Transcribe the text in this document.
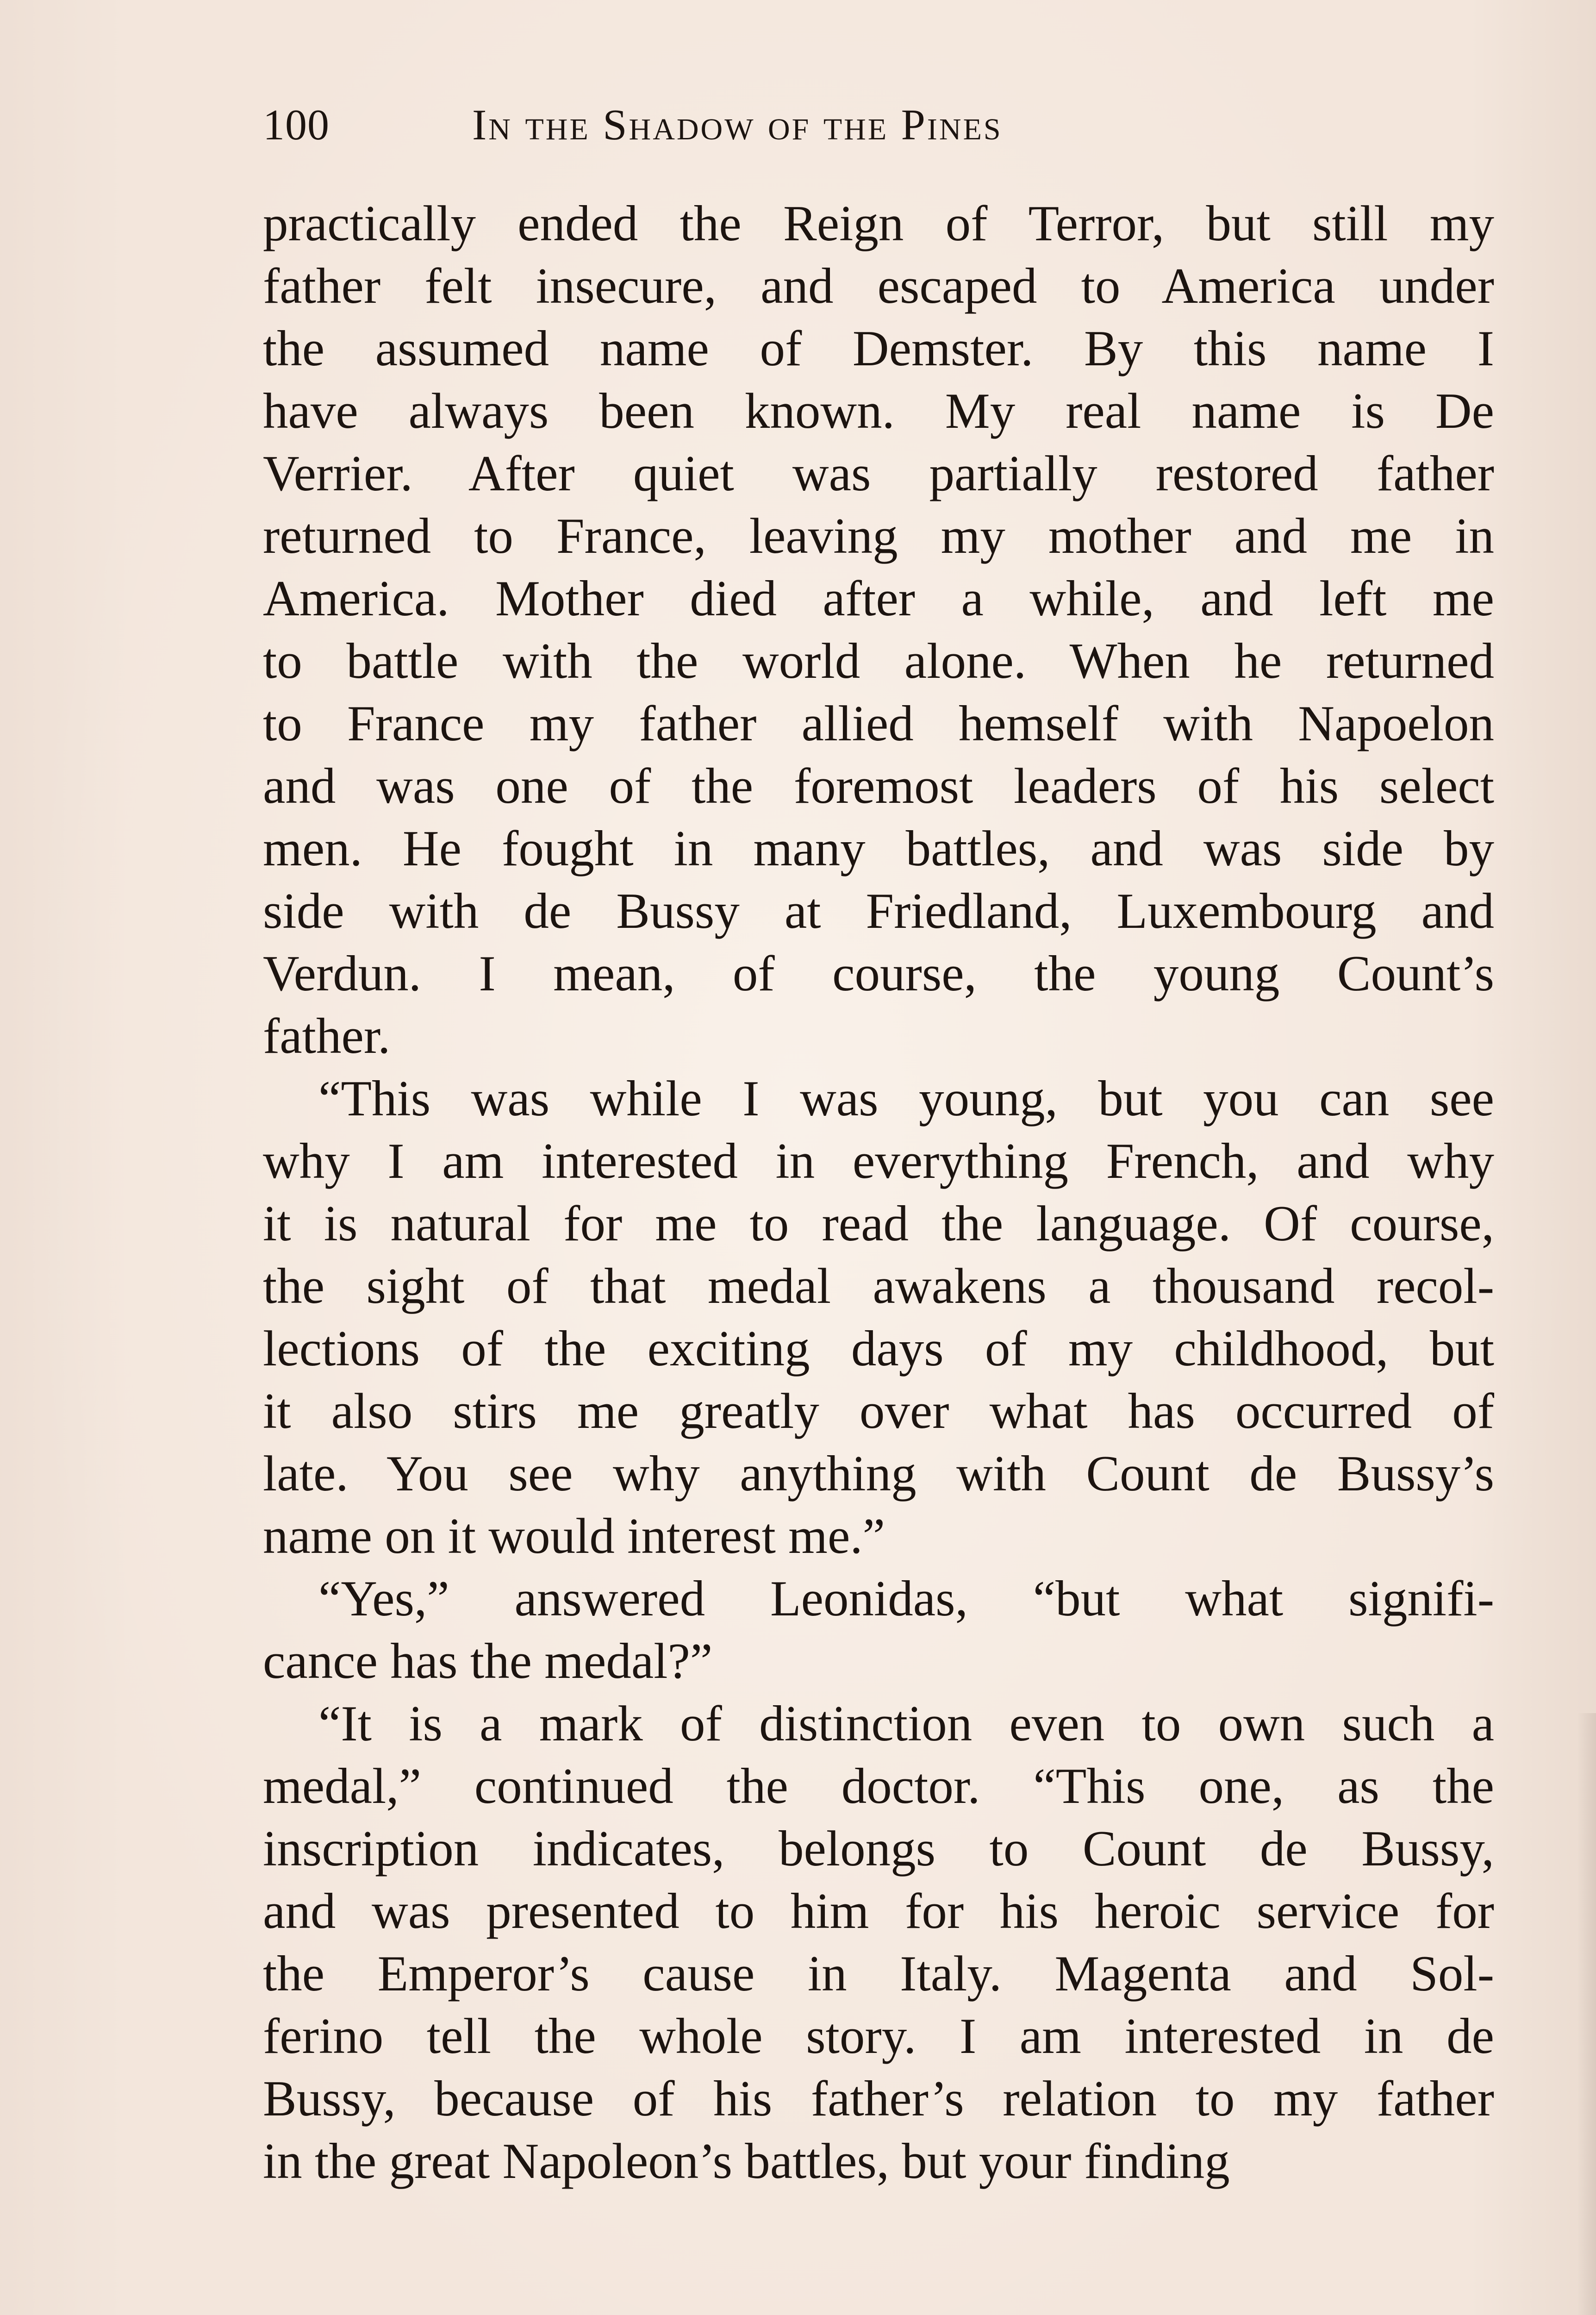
100	In the Shadow of the Pines
practically ended the Reign of Terror, but still my
father felt insecure, and escaped to America under
the assumed name of Demster. By this name I
have always been known. My real name is De
Verrier. After quiet was partially restored father
returned to France, leaving my mother and me in
America. Mother died after a while, and left me
to battle with the world alone. When he returned
to France my father allied hemself with Napoelon
and was one of the foremost leaders of his select
men. He fought in many battles, and was side by
side with de Bussy at Friedland, Luxembourg and
Verdun. I mean, of course, the young Count’s
father.
“This was while I was young, but you can see
why I am interested in everything French, and why
it is natural for me to read the language. Of course,
the sight of that medal awakens a thousand recol-
lections of the exciting days of my childhood, but
it also stirs me greatly over what has occurred of
late. You see why anything with Count de Bussy’s
name on it would interest me.”
“Yes,” answered Leonidas, “but what signifi-
cance has the medal?”
“It is a mark of distinction even to own such a
medal,” continued the doctor. “This one, as the
inscription indicates, belongs to Count de Bussy,
and was presented to him for his heroic service for
the Emperor’s cause in Italy. Magenta and Sol-
ferino tell the whole story. I am interested in de
Bussy, because of his father’s relation to my father
in the great Napoleon’s battles, but your finding
